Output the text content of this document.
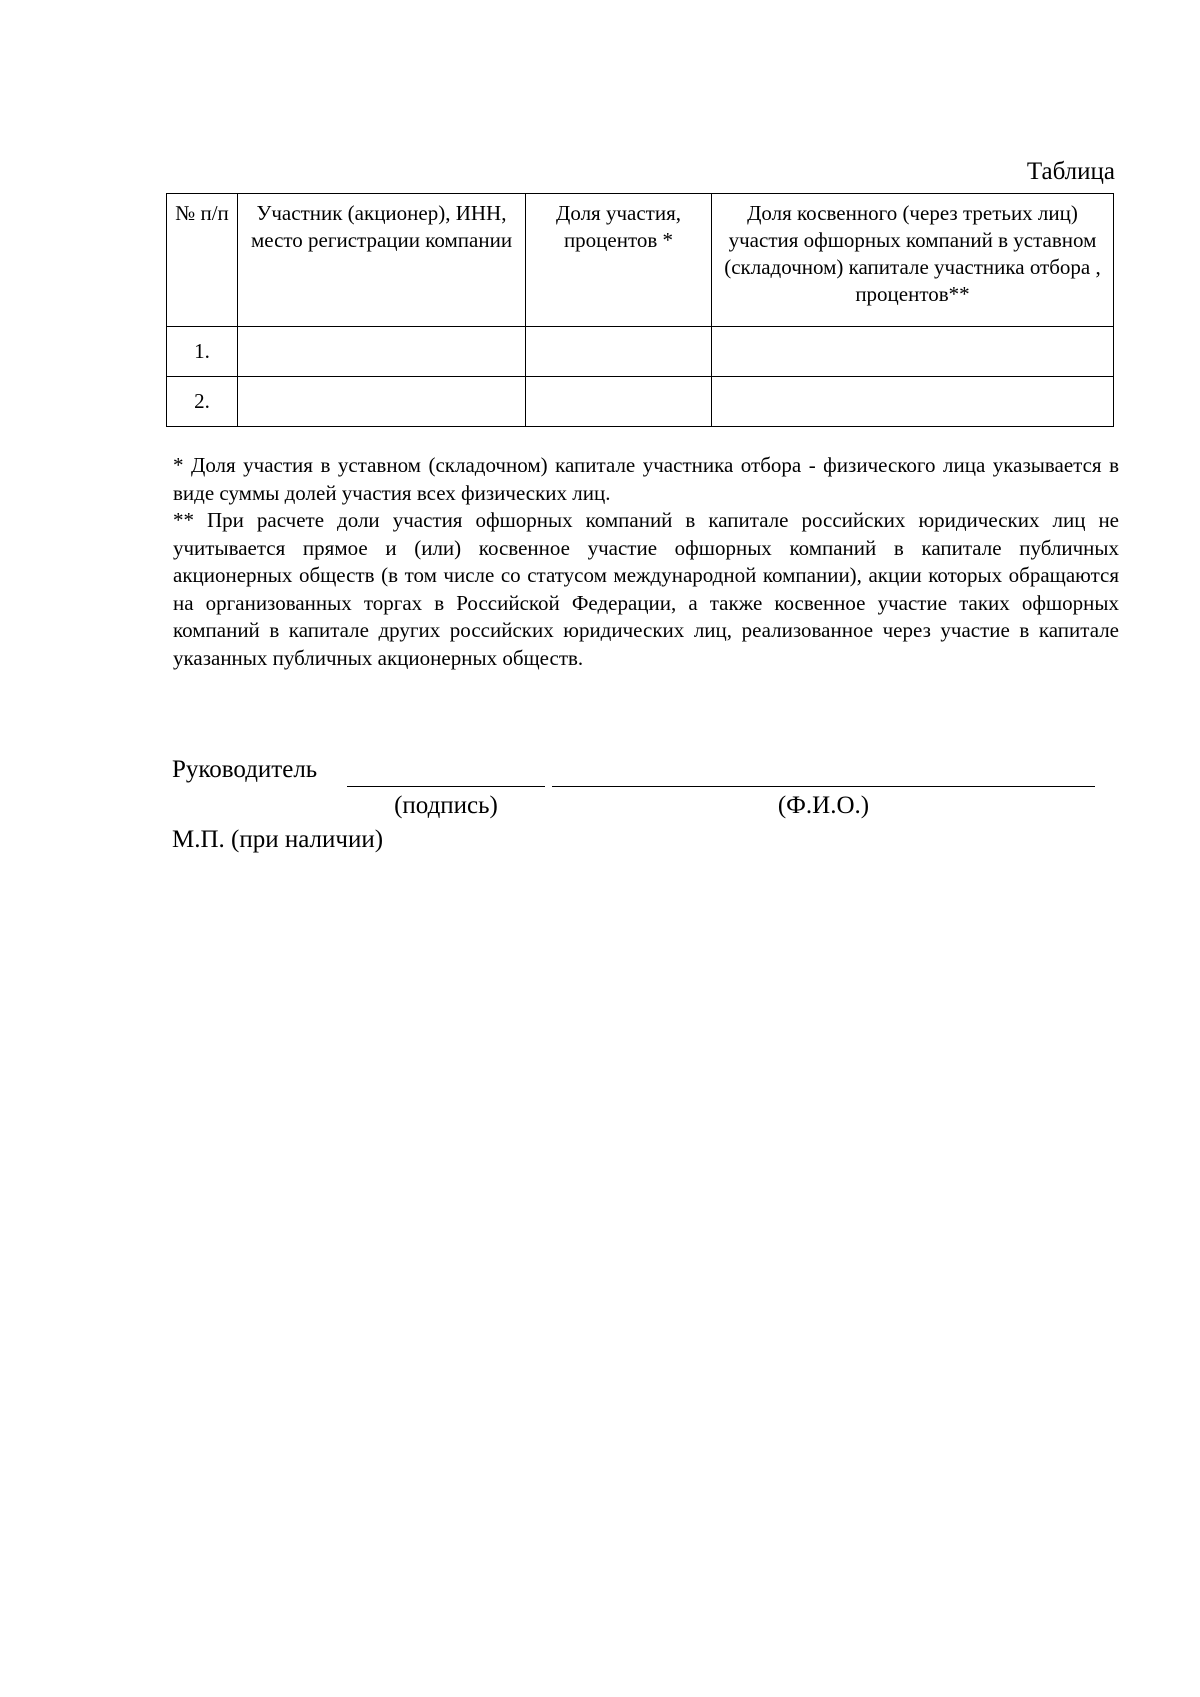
Таблица
№ п/п	Участник (акционер), ИНН, место регистрации компании	Доля участия, процентов *	Доля косвенного (через третьих лиц) участия офшорных компаний в уставном (складочном) капитале участника отбора , процентов**
1.			
2.			

* Доля участия в уставном (складочном) капитале участника отбора - физического лица указывается в виде суммы долей участия всех физических лиц.

** При расчете доли участия офшорных компаний в капитале российских юридических лиц не учитывается прямое и (или) косвенное участие офшорных компаний в капитале публичных акционерных обществ (в том числе со статусом международной компании), акции которых обращаются на организованных торгах в Российской Федерации, а также косвенное участие таких офшорных компаний в капитале других российских юридических лиц, реализованное через участие в капитале указанных публичных акционерных обществ.

Руководитель
(подпись)	(Ф.И.О.)
М.П. (при наличии)
